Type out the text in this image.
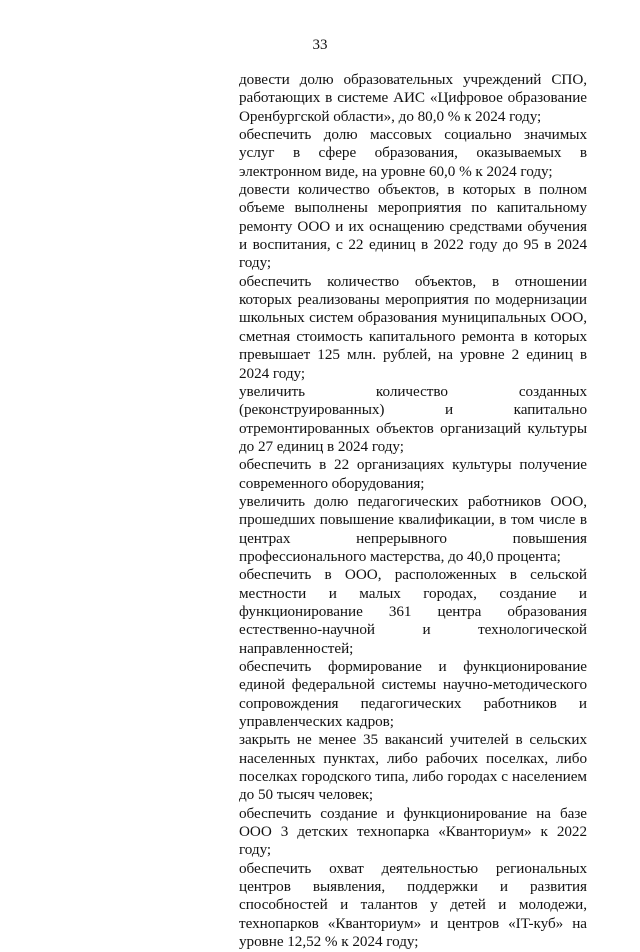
33

довести долю образовательных учреждений СПО, работающих в системе АИС «Цифровое образование Оренбургской области», до 80,0 % к 2024 году;

обеспечить долю массовых социально значимых услуг в сфере образования, оказываемых в электронном виде, на уровне 60,0 % к 2024 году;

довести количество объектов, в которых в полном объеме выполнены мероприятия по капитальному ремонту ООО и их оснащению средствами обучения и воспитания, с 22 единиц в 2022 году до 95 в 2024 году;

обеспечить количество объектов, в отношении которых реализованы мероприятия по модернизации школьных систем образования муниципальных ООО, сметная стоимость капитального ремонта в которых превышает 125 млн. рублей, на уровне 2 единиц в 2024 году;

увеличить количество созданных (реконструированных) и капитально отремонтированных объектов организаций культуры до 27 единиц в 2024 году;

обеспечить в 22 организациях культуры получение современного оборудования;

увеличить долю педагогических работников ООО, прошедших повышение квалификации, в том числе в центрах непрерывного повышения профессионального мастерства, до 40,0 процента;

обеспечить в ООО, расположенных в сельской местности и малых городах, создание и функционирование 361 центра образования естественно-научной и технологической направленностей;

обеспечить формирование и функционирование единой федеральной системы научно-методического сопровождения педагогических работников и управленческих кадров;

закрыть не менее 35 вакансий учителей в сельских населенных пунктах, либо рабочих поселках, либо поселках городского типа, либо городах с населением до 50 тысяч человек;

обеспечить создание и функционирование на базе ООО 3 детских технопарка «Кванториум» к 2022 году;

обеспечить охват деятельностью региональных центров выявления, поддержки и развития способностей и талантов у детей и молодежи, технопарков «Кванториум» и центров «IT-куб» на уровне 12,52 % к 2024 году;
